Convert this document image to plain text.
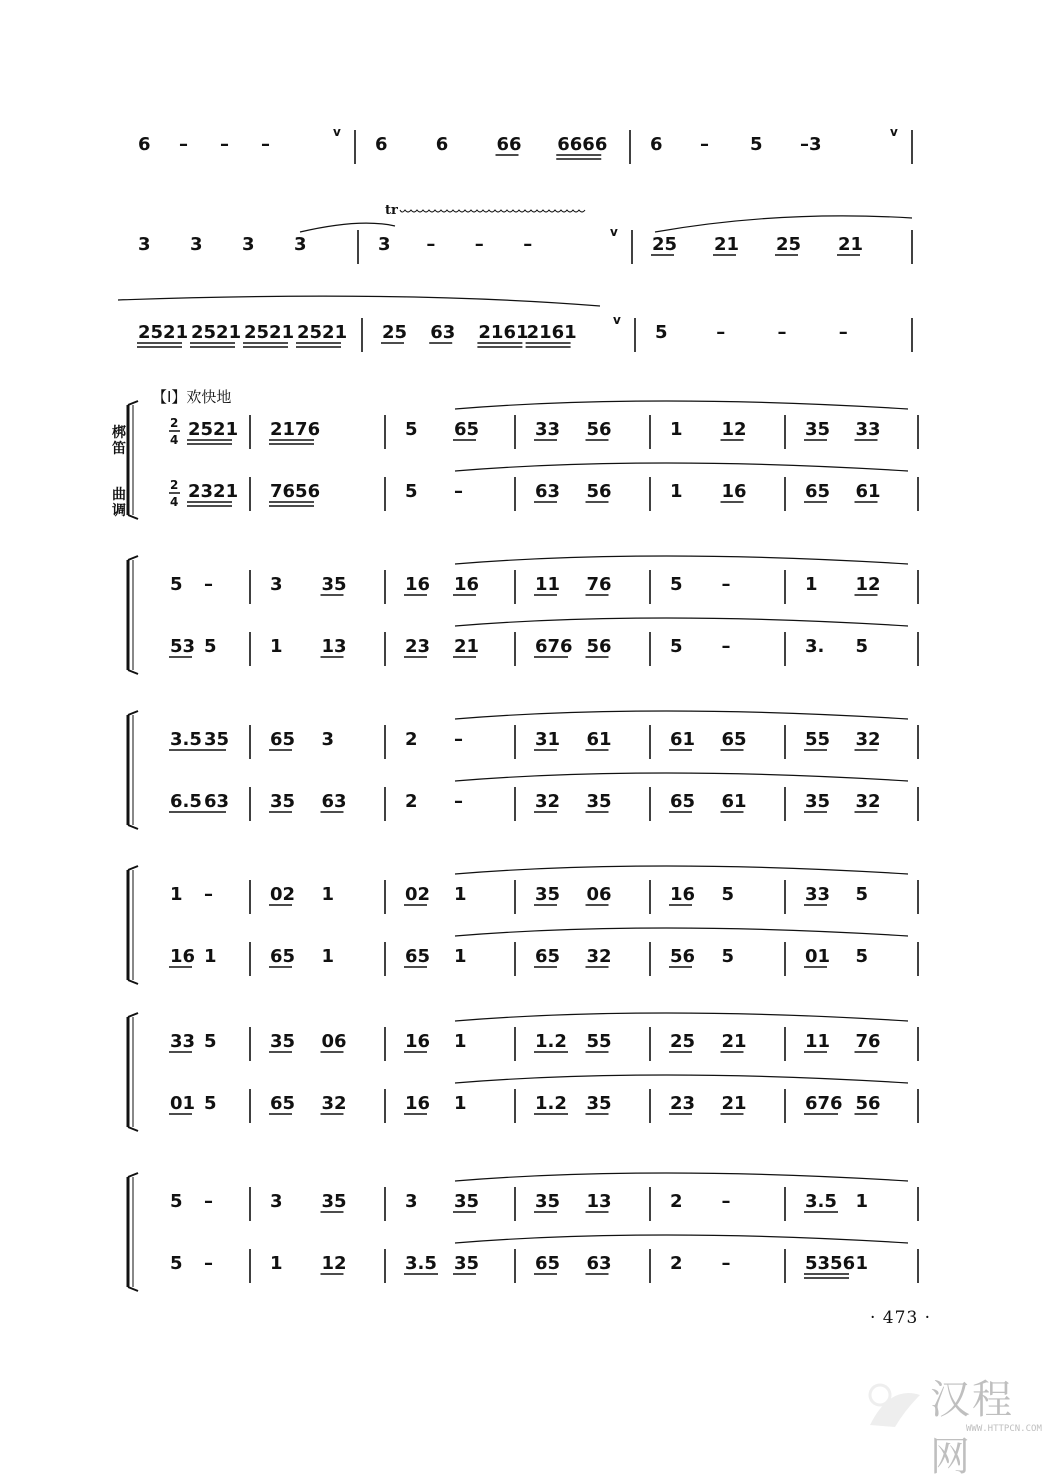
6 – – –
v
6	6	66 6666 6 – 5 –3
v
3 3 3 3	3 – – –
v
25 21 25 21
tr
2521 2521 2521 2521 25 63 2161
2161
v
5	–	–	–
梆
笛
2
4 2521 2176	5 65	33 56	1 12	35 33
曲
调
2
4 2321 7656	5 –	63 56	1 16	65 61
5 –	3 35	16 16	11 76	5 –	1 12
53 5	1 13	23 21	676 56	5 –	3. 5
3.5 35 65 3	2 –	31 61	61 65	55 32
6.5 63 35 63	2 –	32 35	65 61	35 32
1 –	02 1	02 1	35 06	16 5	33 5
16 1	65 1	65 1	65 32	56 5	01 5
33 5	35 06	16 1	1.2 55	25 21	11 76
01 5	65 32	16 1	1.2 35	23 21	676 56
5 –	3 35	3 35	35 13	2 –	3.5 1
5 –	1 12	3.5 35	65 63	2 –	5356 1
【I】欢快地
· 473 ·
汉程网
WWW.HTTPCN.COM
